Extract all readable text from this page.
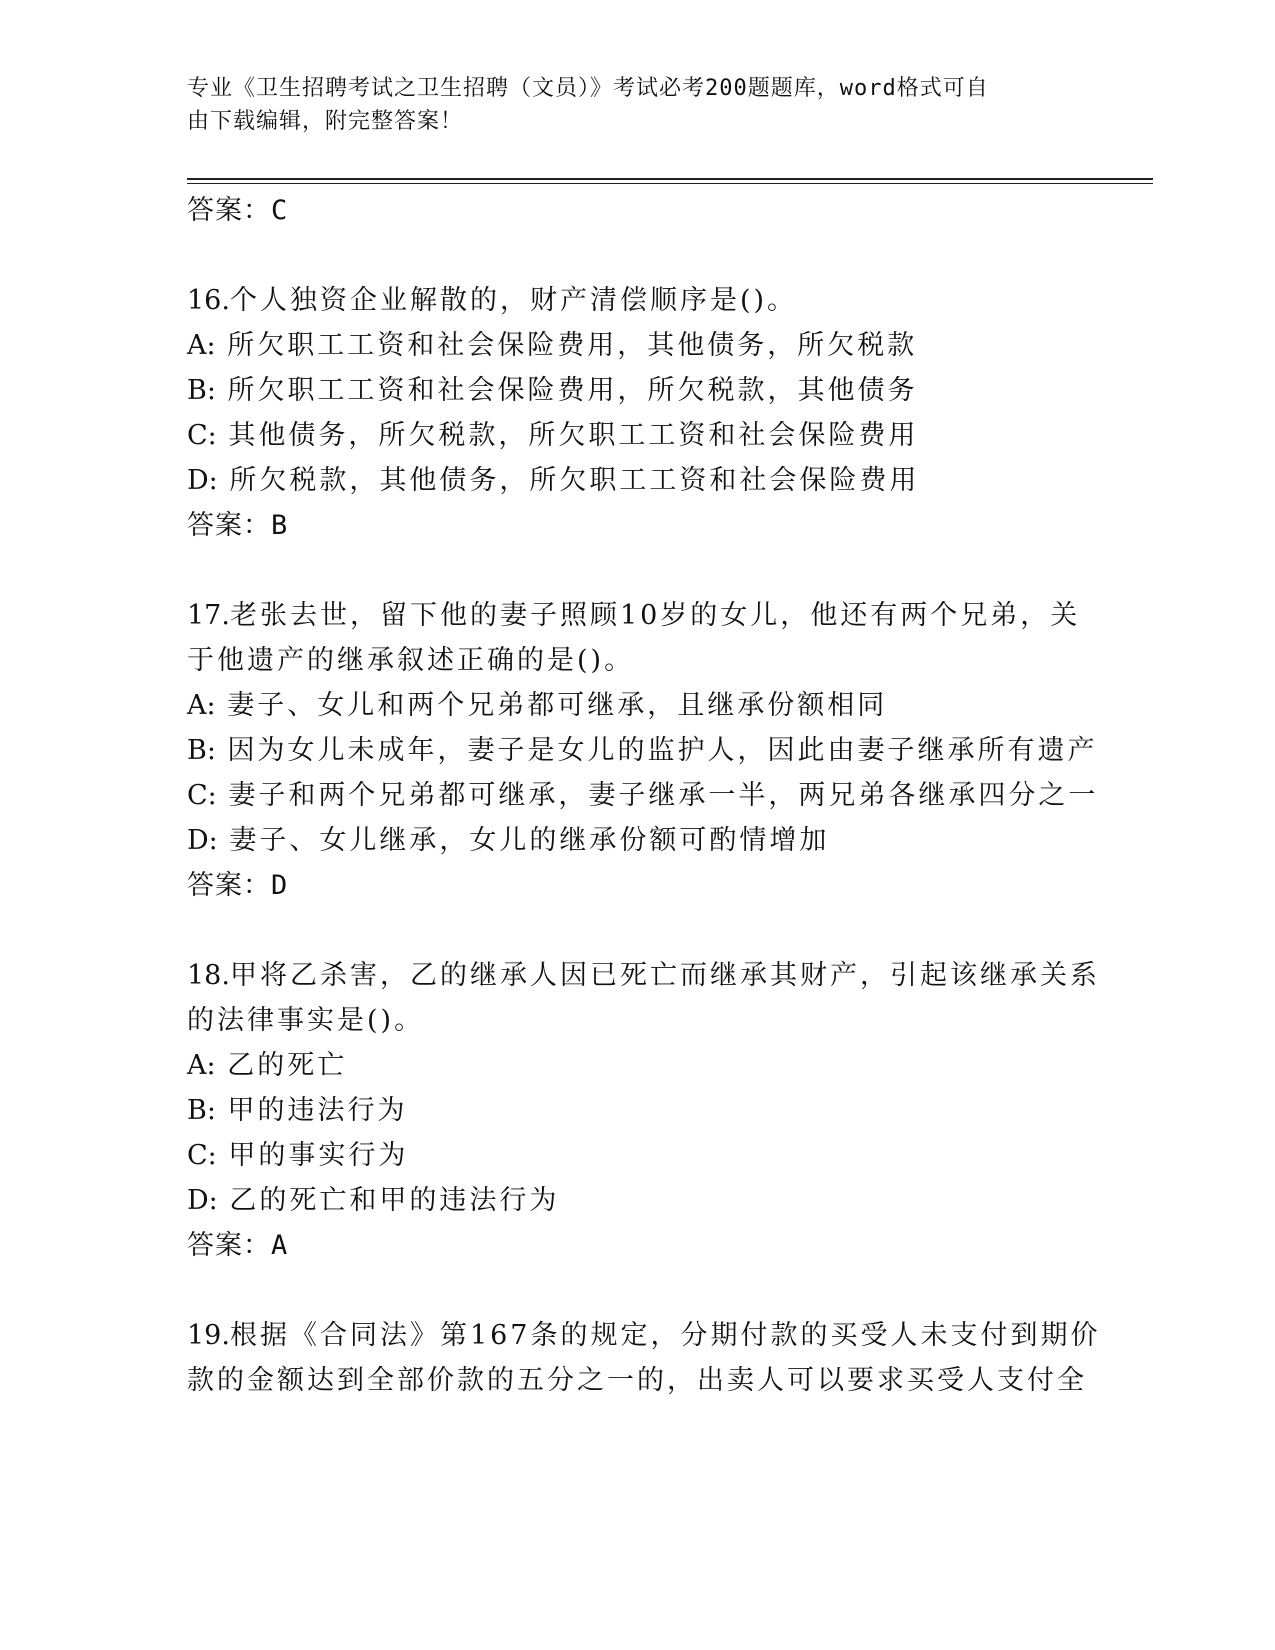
专业《卫生招聘考试之卫生招聘（文员）》考试必考200题题库，word格式可自
由下载编辑，附完整答案！
答案：C
16.个人独资企业解散的，财产清偿顺序是()。
A: 所欠职工工资和社会保险费用，其他债务，所欠税款
B: 所欠职工工资和社会保险费用，所欠税款，其他债务
C: 其他债务，所欠税款，所欠职工工资和社会保险费用
D: 所欠税款，其他债务，所欠职工工资和社会保险费用
答案：B
17.老张去世，留下他的妻子照顾10岁的女儿，他还有两个兄弟，关
于他遗产的继承叙述正确的是()。
A: 妻子、女儿和两个兄弟都可继承，且继承份额相同
B: 因为女儿未成年，妻子是女儿的监护人，因此由妻子继承所有遗产
C: 妻子和两个兄弟都可继承，妻子继承一半，两兄弟各继承四分之一
D: 妻子、女儿继承，女儿的继承份额可酌情增加
答案：D
18.甲将乙杀害，乙的继承人因已死亡而继承其财产，引起该继承关系
的法律事实是()。
A: 乙的死亡
B: 甲的违法行为
C: 甲的事实行为
D: 乙的死亡和甲的违法行为
答案：A
19.根据《合同法》第167条的规定，分期付款的买受人未支付到期价
款的金额达到全部价款的五分之一的，出卖人可以要求买受人支付全
